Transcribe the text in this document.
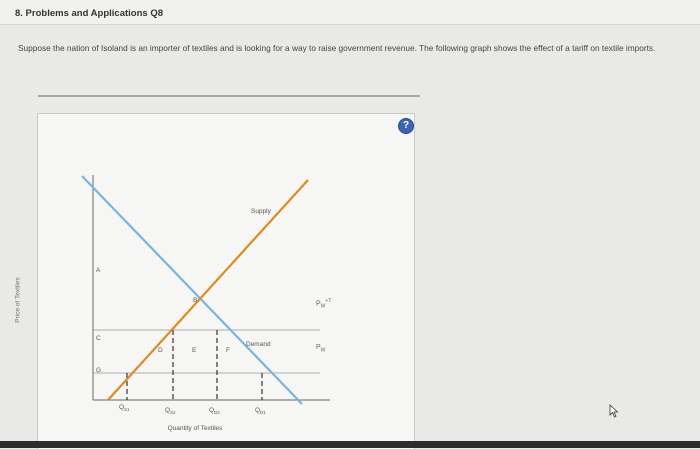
8. Problems and Applications Q8
Suppose the nation of Isoland is an importer of textiles and is looking for a way to raise government revenue. The following graph shows the effect of a tariff on textile imports.
?
Price of Textiles
Quantity of Textiles
Supply
Demand
A
B
C
D	E	F
G
Q S1	Q S2	Q D2	Q D1
$P_W^{+T}$
$P_W$
